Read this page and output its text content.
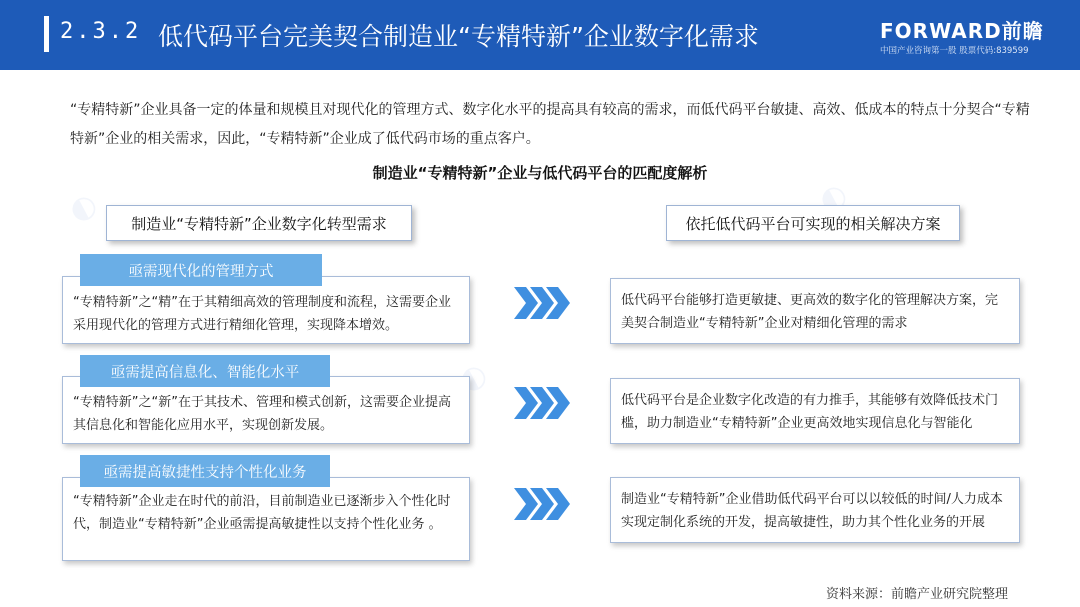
2.3.2 低代码平台完美契合制造业“专精特新”企业数字化需求	FORWARD前瞻
中国产业咨询第一股 股票代码:839599
◐
◐
◐
“专精特新”企业具备一定的体量和规模且对现代化的管理方式、数字化水平的提高具有较高的需求，而低代码平台敏捷、高效、低成本的特点十分契合“专精特新”企业的相关需求，因此，“专精特新”企业成了低代码市场的重点客户。
制造业“专精特新”企业与低代码平台的匹配度解析
制造业“专精特新”企业数字化转型需求	依托低代码平台可实现的相关解决方案
“专精特新”之“精”在于其精细高效的管理制度和流程，这需要企业采用现代化的管理方式进行精细化管理，实现降本增效。
亟需现代化的管理方式
低代码平台能够打造更敏捷、更高效的数字化的管理解决方案，完美契合制造业“专精特新”企业对精细化管理的需求
“专精特新”之“新”在于其技术、管理和模式创新，这需要企业提高其信息化和智能化应用水平，实现创新发展。
亟需提高信息化、智能化水平
低代码平台是企业数字化改造的有力推手，其能够有效降低技术门槛，助力制造业“专精特新”企业更高效地实现信息化与智能化
“专精特新”企业走在时代的前沿，目前制造业已逐渐步入个性化时代，制造业“专精特新”企业亟需提高敏捷性以支持个性化业务 。
亟需提高敏捷性支持个性化业务
制造业“专精特新”企业借助低代码平台可以以较低的时间/人力成本实现定制化系统的开发，提高敏捷性，助力其个性化业务的开展
资料来源：前瞻产业研究院整理
